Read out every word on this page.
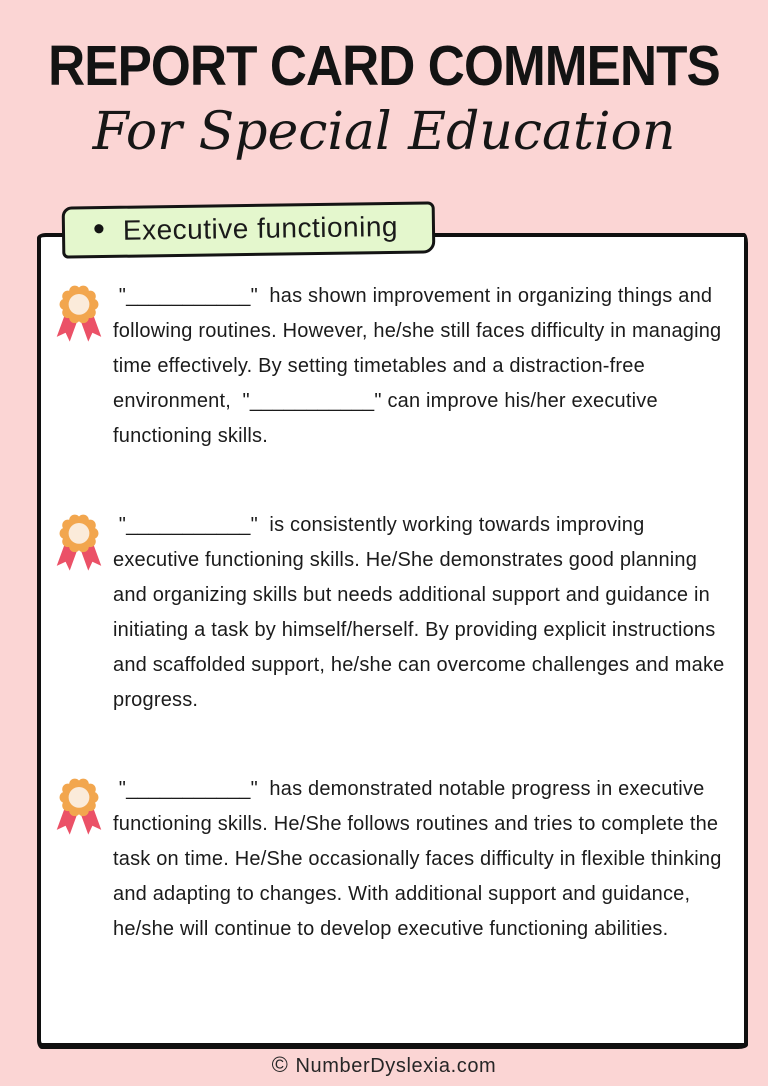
REPORT CARD COMMENTS
For Special Education
• Executive functioning

"___________"  has shown improvement in organizing things and following routines. However, he/she still faces difficulty in managing time effectively. By setting timetables and a distraction-free environment,  "___________" can improve his/her executive functioning skills.

"___________"  is consistently working towards improving executive functioning skills. He/She demonstrates good planning and organizing skills but needs additional support and guidance in initiating a task by himself/herself. By providing explicit instructions and scaffolded support, he/she can overcome challenges and make progress.

"___________"  has demonstrated notable progress in executive functioning skills. He/She follows routines and tries to complete the task on time. He/She occasionally faces difficulty in flexible thinking and adapting to changes. With additional support and guidance, he/she will continue to develop executive functioning abilities.

© NumberDyslexia.com
